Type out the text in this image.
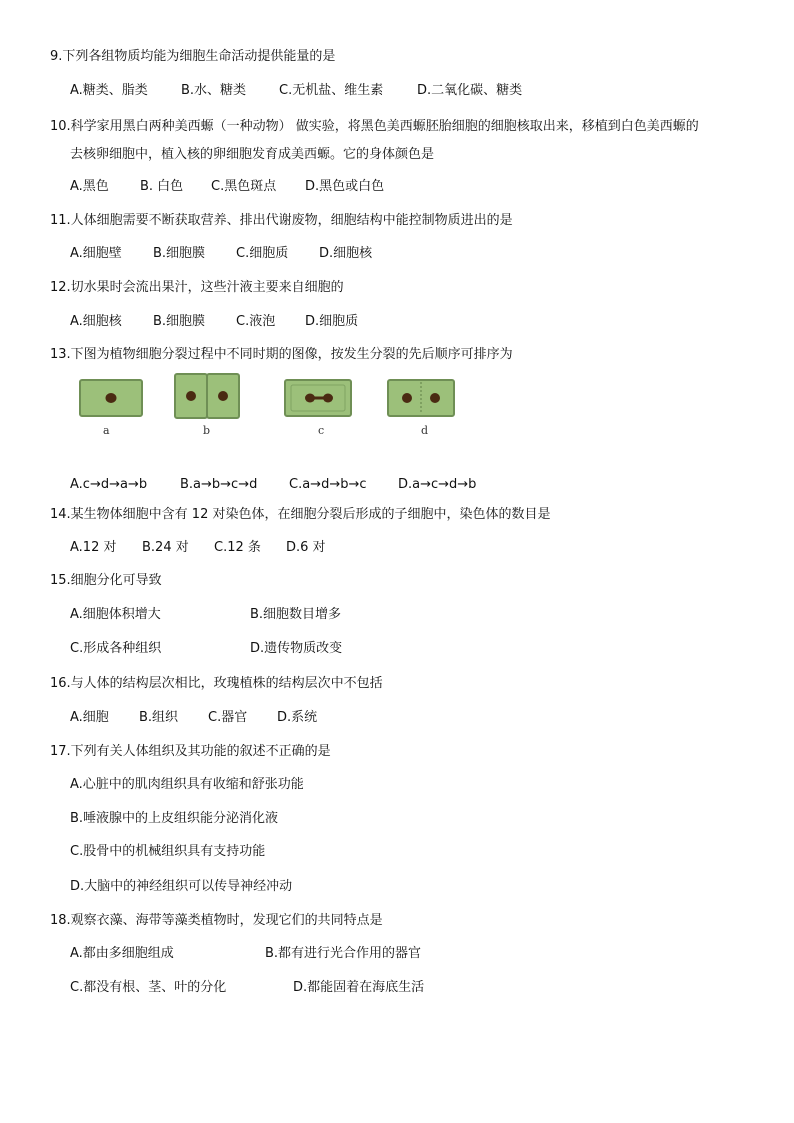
9.下列各组物质均能为细胞生命活动提供能量的是
A.糖类、脂类	B.水、糖类	C.无机盐、维生素	D.二氧化碳、糖类
10.科学家用黑白两种美西螈（一种动物） 做实验，将黑色美西螈胚胎细胞的细胞核取出来，移植到白色美西螈的
去核卵细胞中，植入核的卵细胞发育成美西螈。它的身体颜色是
A.黑色 B. 白色 C.黑色斑点 D.黑色或白色
11.人体细胞需要不断获取营养、排出代谢废物，细胞结构中能控制物质进出的是
A.细胞壁 B.细胞膜 C.细胞质 D.细胞核
12.切水果时会流出果汁，这些汁液主要来自细胞的
A.细胞核 B.细胞膜 C.液泡 D.细胞质
13.下图为植物细胞分裂过程中不同时期的图像，按发生分裂的先后顺序可排序为
a	b	c	d
A.c→d→a→b	B.a→b→c→d C.a→d→b→c D.a→c→d→b
14.某生物体细胞中含有 12 对染色体，在细胞分裂后形成的子细胞中，染色体的数目是
A.12 对 B.24 对 C.12 条 D.6 对
15.细胞分化可导致
A.细胞体积增大	B.细胞数目增多
C.形成各种组织	D.遗传物质改变
16.与人体的结构层次相比，玫瑰植株的结构层次中不包括
A.细胞 B.组织 C.器官 D.系统
17.下列有关人体组织及其功能的叙述不正确的是
A.心脏中的肌肉组织具有收缩和舒张功能
B.唾液腺中的上皮组织能分泌消化液
C.股骨中的机械组织具有支持功能
D.大脑中的神经组织可以传导神经冲动
18.观察衣藻、海带等藻类植物时，发现它们的共同特点是
A.都由多细胞组成	B.都有进行光合作用的器官
C.都没有根、茎、叶的分化	D.都能固着在海底生活
